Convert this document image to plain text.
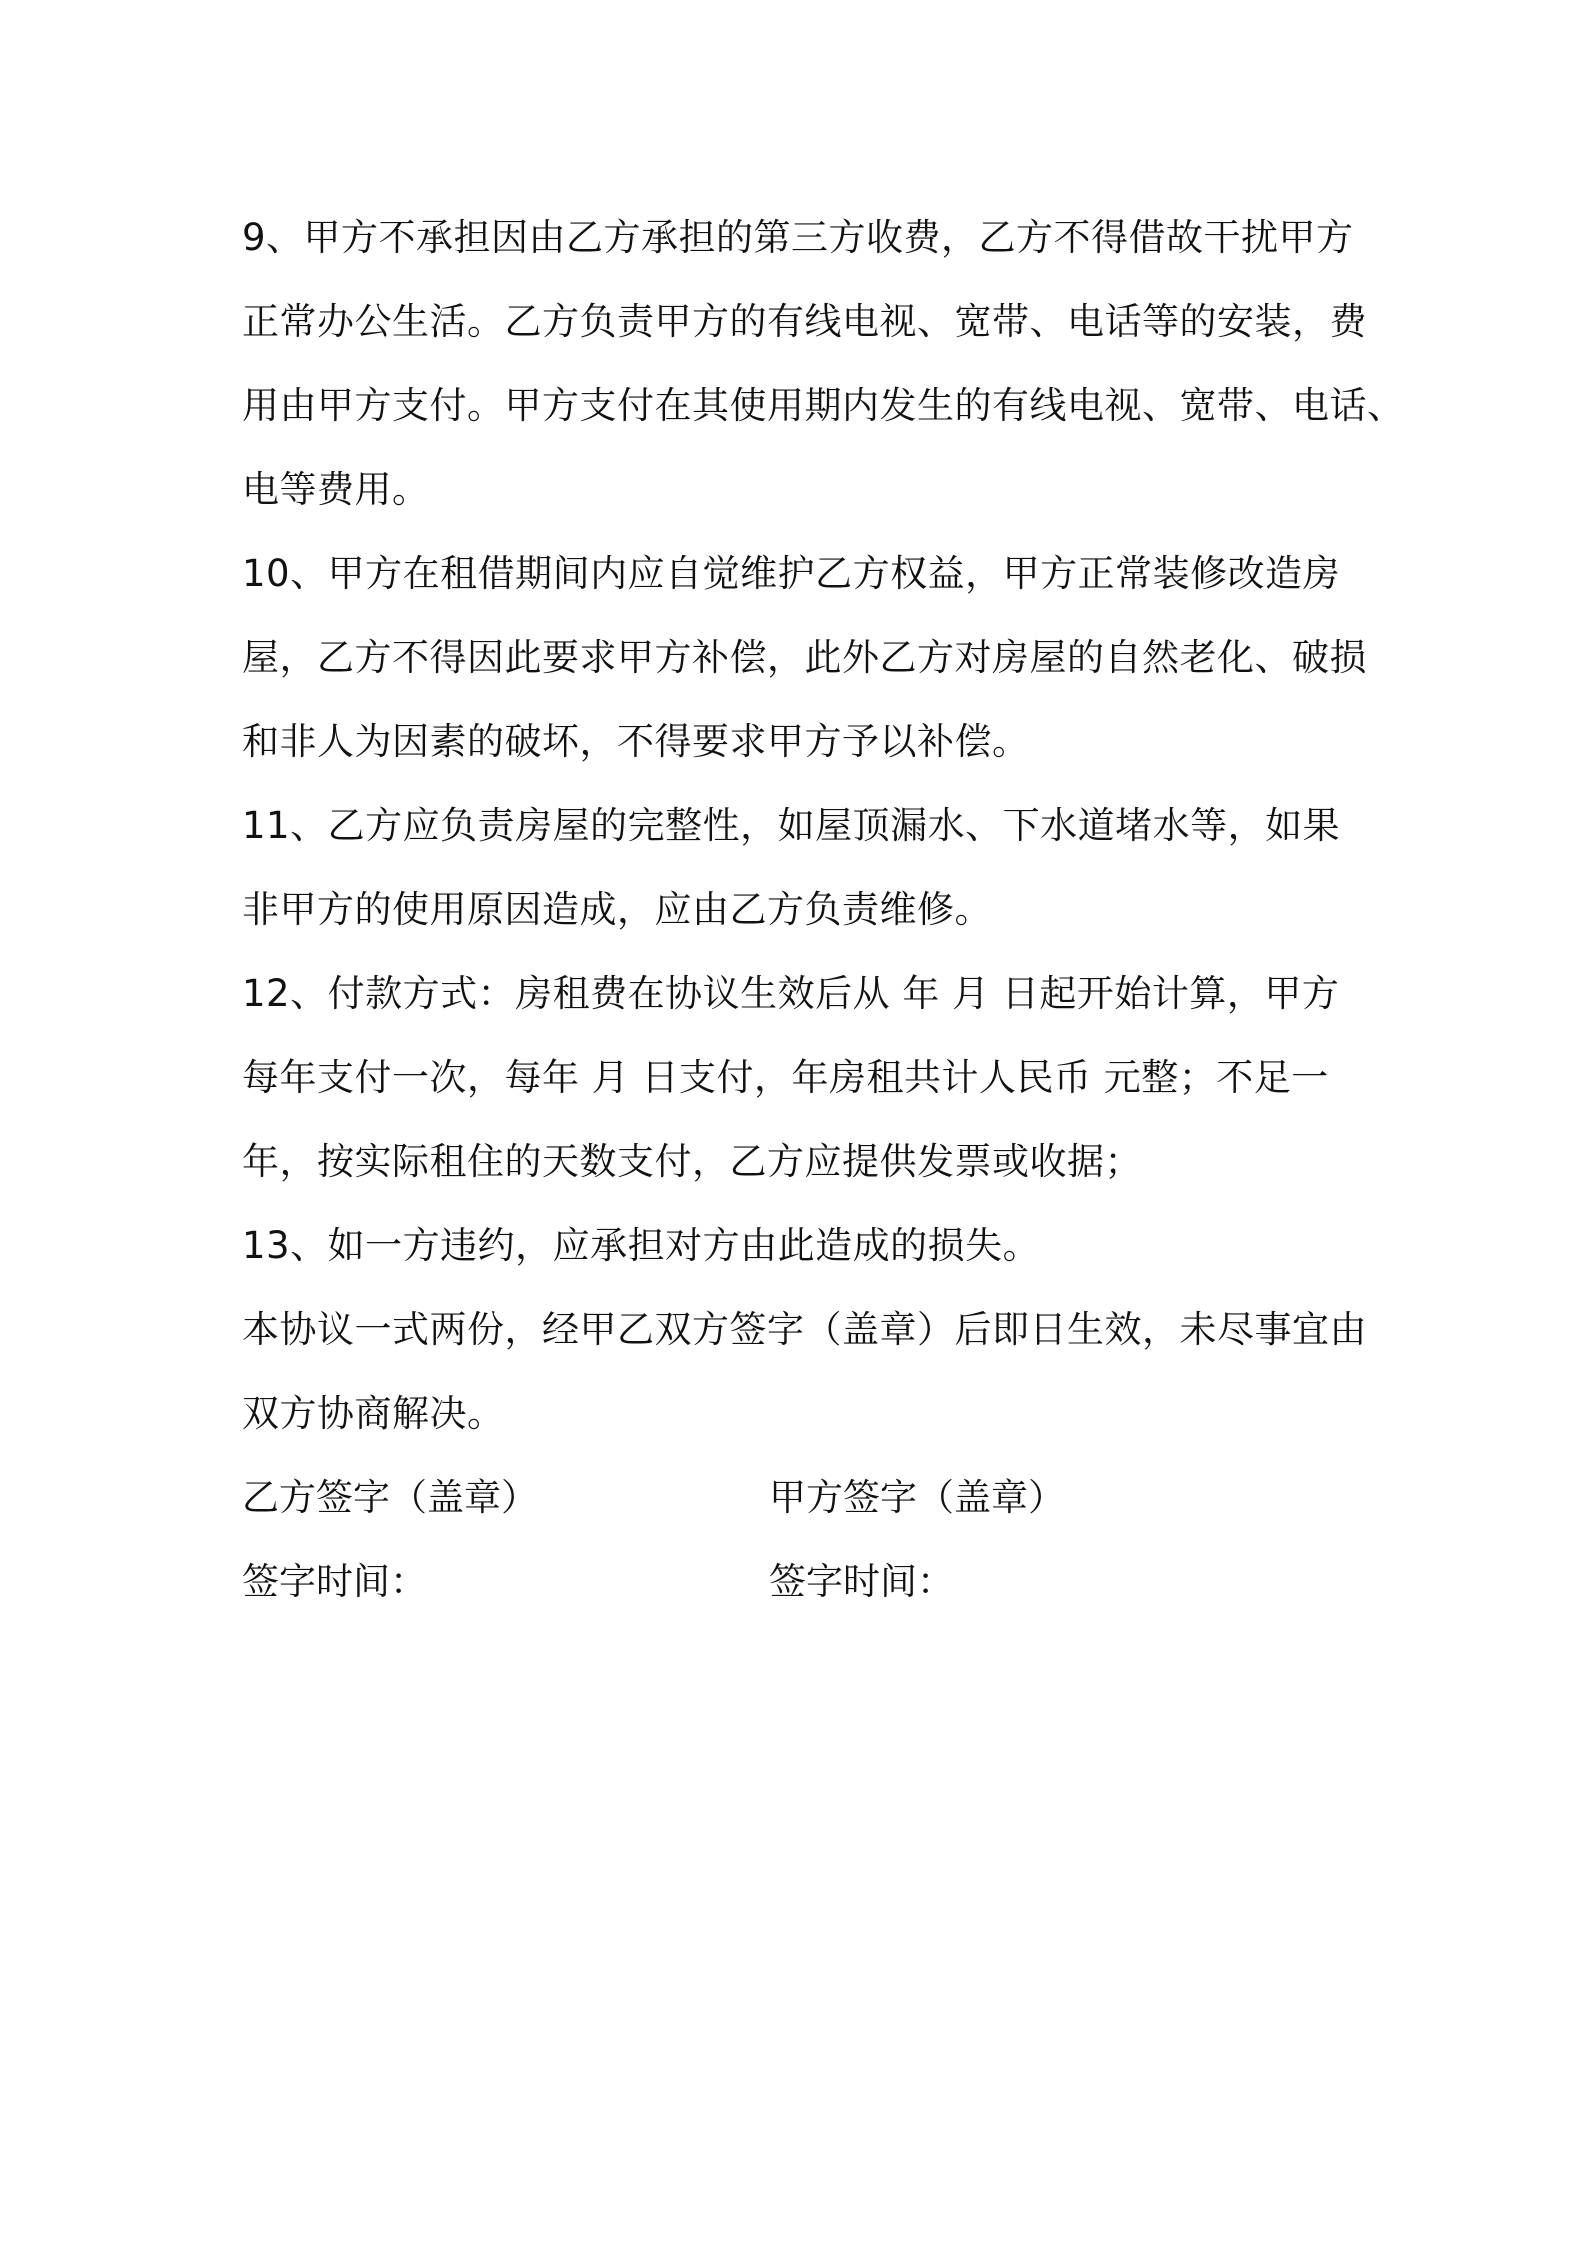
9、甲方不承担因由乙方承担的第三方收费，乙方不得借故干扰甲方
正常办公生活。乙方负责甲方的有线电视、宽带、电话等的安装，费
用由甲方支付。甲方支付在其使用期内发生的有线电视、宽带、电话、
电等费用。
10、甲方在租借期间内应自觉维护乙方权益，甲方正常装修改造房
屋，乙方不得因此要求甲方补偿，此外乙方对房屋的自然老化、破损
和非人为因素的破坏，不得要求甲方予以补偿。
11、乙方应负责房屋的完整性，如屋顶漏水、下水道堵水等，如果
非甲方的使用原因造成，应由乙方负责维修。
12、付款方式：房租费在协议生效后从 年 月 日起开始计算，甲方
每年支付一次，每年 月 日支付，年房租共计人民币 元整；不足一
年，按实际租住的天数支付，乙方应提供发票或收据；
13、如一方违约，应承担对方由此造成的损失。
本协议一式两份，经甲乙双方签字（盖章）后即日生效，未尽事宜由
双方协商解决。
乙方签字（盖章）	甲方签字（盖章）
签字时间：	签字时间：
